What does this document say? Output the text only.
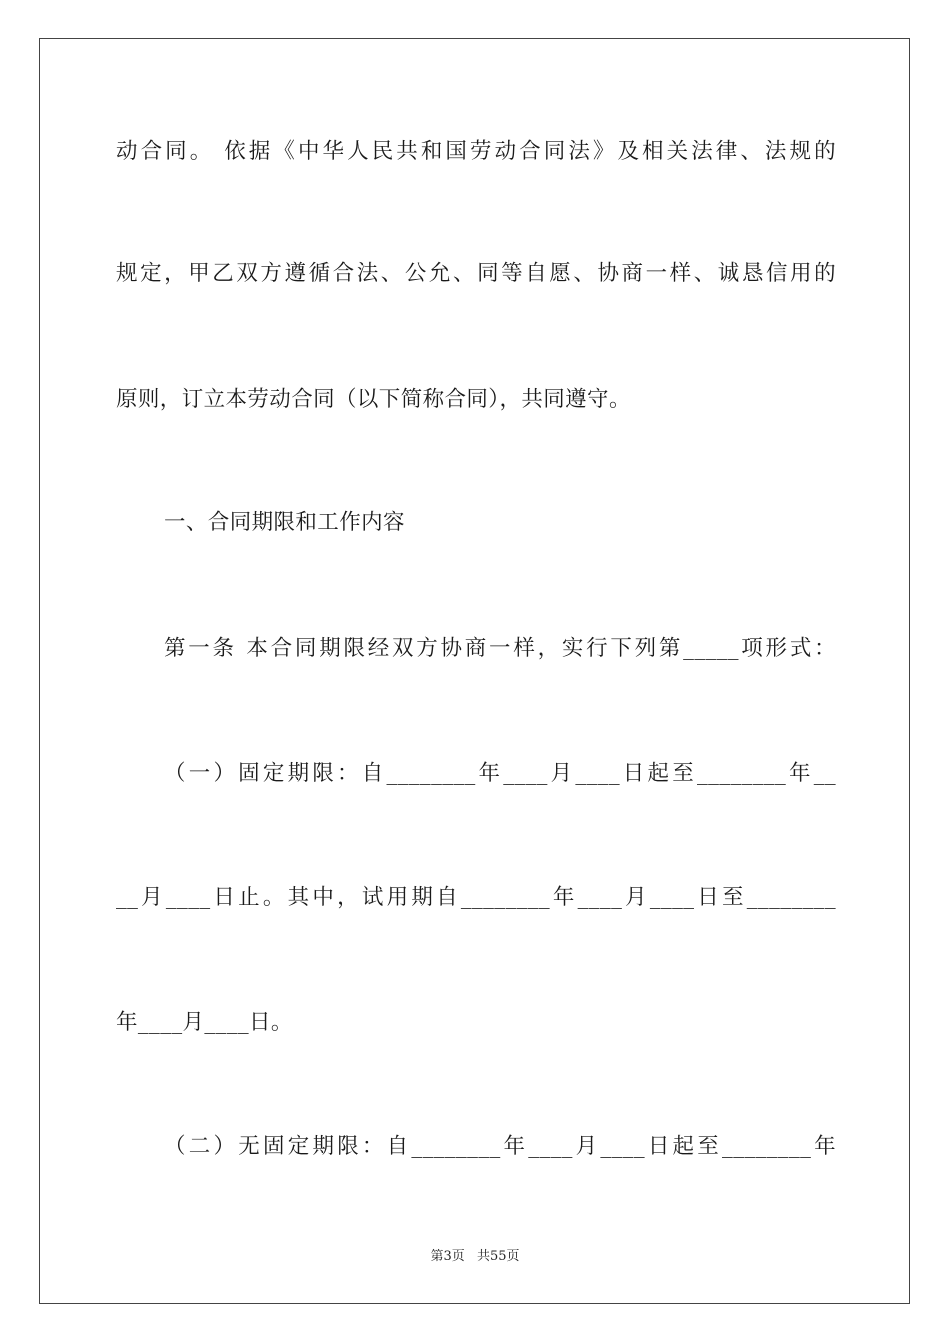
动合同。 依据《中华人民共和国劳动合同法》及相关法律、法规的
规定，甲乙双方遵循合法、公允、同等自愿、协商一样、诚恳信用的
原则，订立本劳动合同（以下简称合同），共同遵守。
一、合同期限和工作内容
第一条 本合同期限经双方协商一样，实行下列第_____项形式：
（一）固定期限：自________年____月____日起至________年__
__月____日止。其中，试用期自________年____月____日至________
年____月____日。
（二）无固定期限：自________年____月____日起至________年
第3页 共55页
